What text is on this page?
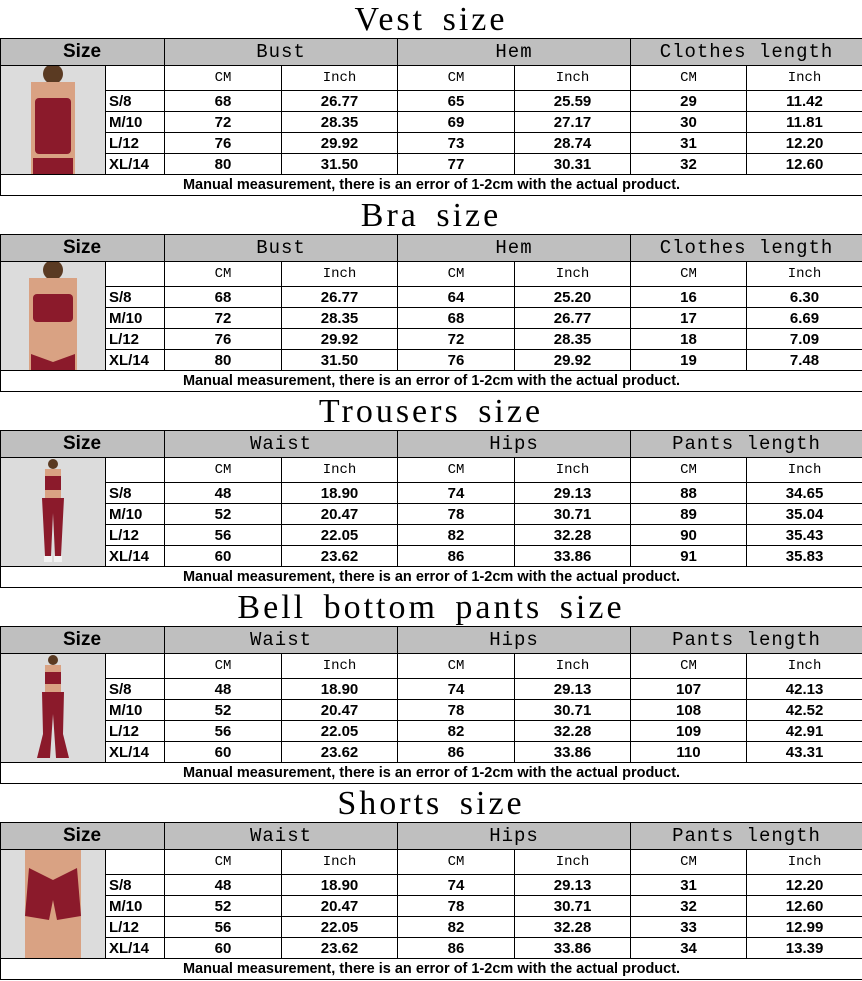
Vest size
Size		Bust		Hem		Clothes length	

		CM	Inch	CM	Inch	CM	Inch
	S/8	68	26.77	65	25.59	29	11.42
	M/10	72	28.35	69	27.17	30	11.81
	L/12	76	29.92	73	28.74	31	12.20
	XL/14	80	31.50	77	30.31	32	12.60
Manual measurement, there is an error of 1-2cm with the actual product.							
Bra size
Size		Bust		Hem		Clothes length	

		CM	Inch	CM	Inch	CM	Inch
	S/8	68	26.77	64	25.20	16	6.30
	M/10	72	28.35	68	26.77	17	6.69
	L/12	76	29.92	72	28.35	18	7.09
	XL/14	80	31.50	76	29.92	19	7.48
Manual measurement, there is an error of 1-2cm with the actual product.							
Trousers size
Size		Waist		Hips		Pants length	

		CM	Inch	CM	Inch	CM	Inch
	S/8	48	18.90	74	29.13	88	34.65
	M/10	52	20.47	78	30.71	89	35.04
	L/12	56	22.05	82	32.28	90	35.43
	XL/14	60	23.62	86	33.86	91	35.83
Manual measurement, there is an error of 1-2cm with the actual product.							
Bell bottom pants size
Size		Waist		Hips		Pants length	

		CM	Inch	CM	Inch	CM	Inch
	S/8	48	18.90	74	29.13	107	42.13
	M/10	52	20.47	78	30.71	108	42.52
	L/12	56	22.05	82	32.28	109	42.91
	XL/14	60	23.62	86	33.86	110	43.31
Manual measurement, there is an error of 1-2cm with the actual product.							
Shorts size
Size		Waist		Hips		Pants length	

		CM	Inch	CM	Inch	CM	Inch
	S/8	48	18.90	74	29.13	31	12.20
	M/10	52	20.47	78	30.71	32	12.60
	L/12	56	22.05	82	32.28	33	12.99
	XL/14	60	23.62	86	33.86	34	13.39
Manual measurement, there is an error of 1-2cm with the actual product.							
